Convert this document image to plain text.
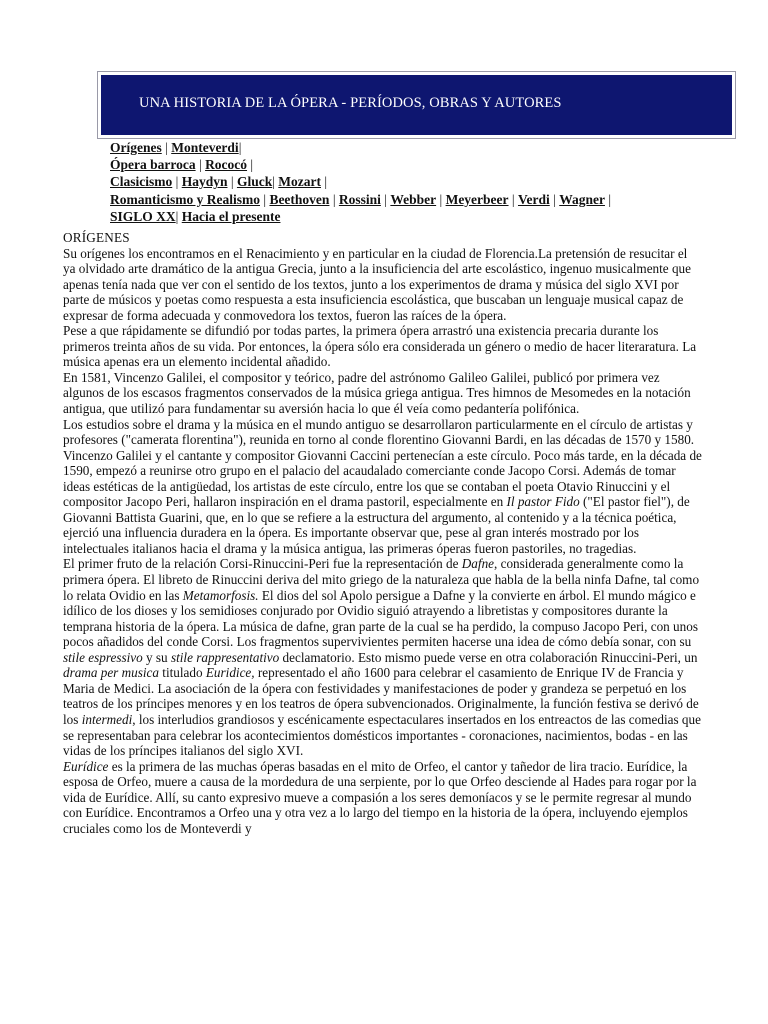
UNA HISTORIA DE LA ÓPERA - PERÍODOS, OBRAS Y AUTORES
Orígenes | Monteverdi|
Ópera barroca | Rococó |
Clasicismo | Haydyn | Gluck| Mozart |
Romanticismo y Realismo | Beethoven | Rossini | Webber | Meyerbeer | Verdi | Wagner |
SIGLO XX| Hacia el presente
ORÍGENES

Su orígenes los encontramos en el Renacimiento y en particular en la ciudad de Florencia.La pretensión de resucitar el ya olvidado arte dramático de la antigua Grecia, junto a la insuficiencia del arte escolástico, ingenuo musicalmente que apenas tenía nada que ver con el sentido de los textos, junto a los experimentos de drama y música del siglo XVI por parte de músicos y poetas como respuesta a esta insuficiencia escolástica, que buscaban un lenguaje musical capaz de expresar de forma adecuada y conmovedora los textos, fueron las raíces de la ópera.

Pese a que rápidamente se difundió por todas partes, la primera ópera arrastró una existencia precaria durante los primeros treinta años de su vida. Por entonces, la ópera sólo era considerada un género o medio de hacer literaratura. La música apenas era un elemento incidental añadido.

En 1581, Vincenzo Galilei, el compositor y teórico, padre del astrónomo Galileo Galilei, publicó por primera vez algunos de los escasos fragmentos conservados de la música griega antigua. Tres himnos de Mesomedes en la notación antigua, que utilizó para fundamentar su aversión hacia lo que él veía como pedantería polifónica.

Los estudios sobre el drama y la música en el mundo antiguo se desarrollaron particularmente en el círculo de artistas y profesores ("camerata florentina"), reunida en torno al conde florentino Giovanni Bardi, en las décadas de 1570 y 1580. Vincenzo Galilei y el cantante y compositor Giovanni Caccini pertenecían a este círculo. Poco más tarde, en la década de 1590, empezó a reunirse otro grupo en el palacio del acaudalado comerciante conde Jacopo Corsi. Además de tomar ideas estéticas de la antigüedad, los artistas de este círculo, entre los que se contaban el poeta Otavio Rinuccini y el compositor Jacopo Peri, hallaron inspiración en el drama pastoril, especialmente en Il pastor Fido ("El pastor fiel"), de Giovanni Battista Guarini, que, en lo que se refiere a la estructura del argumento, al contenido y a la técnica poética, ejerció una influencia duradera en la ópera. Es importante observar que, pese al gran interés mostrado por los intelectuales italianos hacia el drama y la música antigua, las primeras óperas fueron pastoriles, no tragedias.

El primer fruto de la relación Corsi-Rinuccini-Peri fue la representación de Dafne, considerada generalmente como la primera ópera. El libreto de Rinuccini deriva del mito griego de la naturaleza que habla de la bella ninfa Dafne, tal como lo relata Ovidio en las Metamorfosis. El dios del sol Apolo persigue a Dafne y la convierte en árbol. El mundo mágico e idílico de los dioses y los semidioses conjurado por Ovidio siguió atrayendo a libretistas y compositores durante la temprana historia de la ópera. La música de dafne, gran parte de la cual se ha perdido, la compuso Jacopo Peri, con unos pocos añadidos del conde Corsi. Los fragmentos supervivientes permiten hacerse una idea de cómo debía sonar, con su stile espressivo y su stile rappresentativo declamatorio. Esto mismo puede verse en otra colaboración Rinuccini-Peri, un drama per musica titulado Euridice, representado el año 1600 para celebrar el casamiento de Enrique IV de Francia y Maria de Medici. La asociación de la ópera con festividades y manifestaciones de poder y grandeza se perpetuó en los teatros de los príncipes menores y en los teatros de ópera subvencionados. Originalmente, la función festiva se derivó de los intermedi, los interludios grandiosos y escénicamente espectaculares insertados en los entreactos de las comedias que se representaban para celebrar los acontecimientos domésticos importantes - coronaciones, nacimientos, bodas - en las vidas de los príncipes italianos del siglo XVI.

Eurídice es la primera de las muchas óperas basadas en el mito de Orfeo, el cantor y tañedor de lira tracio. Eurídice, la esposa de Orfeo, muere a causa de la mordedura de una serpiente, por lo que Orfeo desciende al Hades para rogar por la vida de Eurídice. Allí, su canto expresivo mueve a compasión a los seres demoníacos y se le permite regresar al mundo con Eurídice. Encontramos a Orfeo una y otra vez a lo largo del tiempo en la historia de la ópera, incluyendo ejemplos cruciales como los de Monteverdi y
